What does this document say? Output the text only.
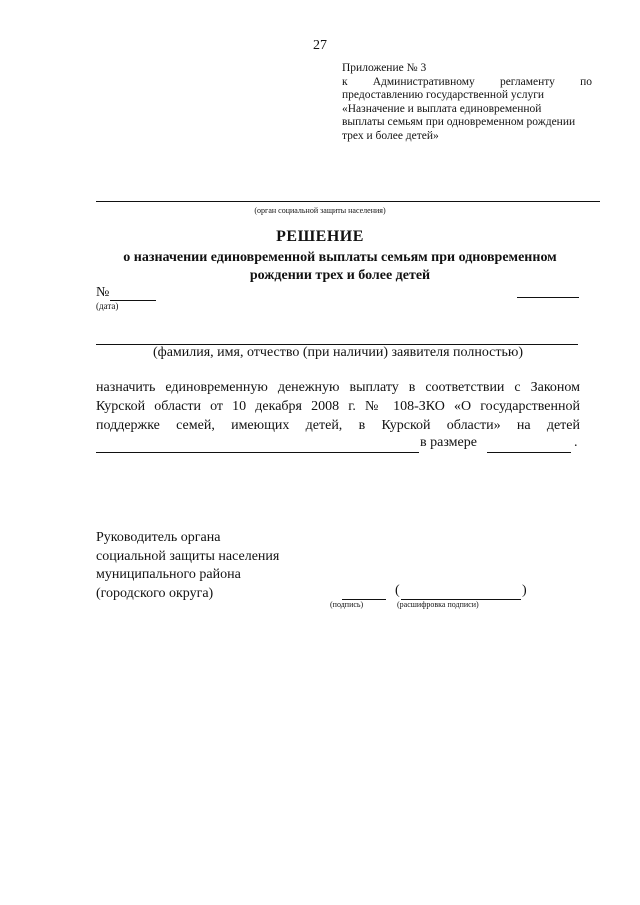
27
Приложение № 3
к Административному регламенту по
предоставлению государственной услуги
«Назначение и выплата единовременной
выплаты семьям при одновременном рождении
трех и более детей»
(орган социальной защиты населения)
РЕШЕНИЕ
о назначении единовременной выплаты семьям при одновременном
рождении трех и более детей
№
(дата)
(фамилия, имя, отчество (при наличии) заявителя полностью)
назначить единовременную денежную выплату в соответствии с Законом
Курской области от 10 декабря 2008 г. № 108-ЗКО «О государственной
поддержке семей, имеющих детей, в Курской области» на детей
в размере	.
Руководитель органа
социальной защиты населения
муниципального района
(городского округа)	(	)
(подпись)	(расшифровка подписи)
